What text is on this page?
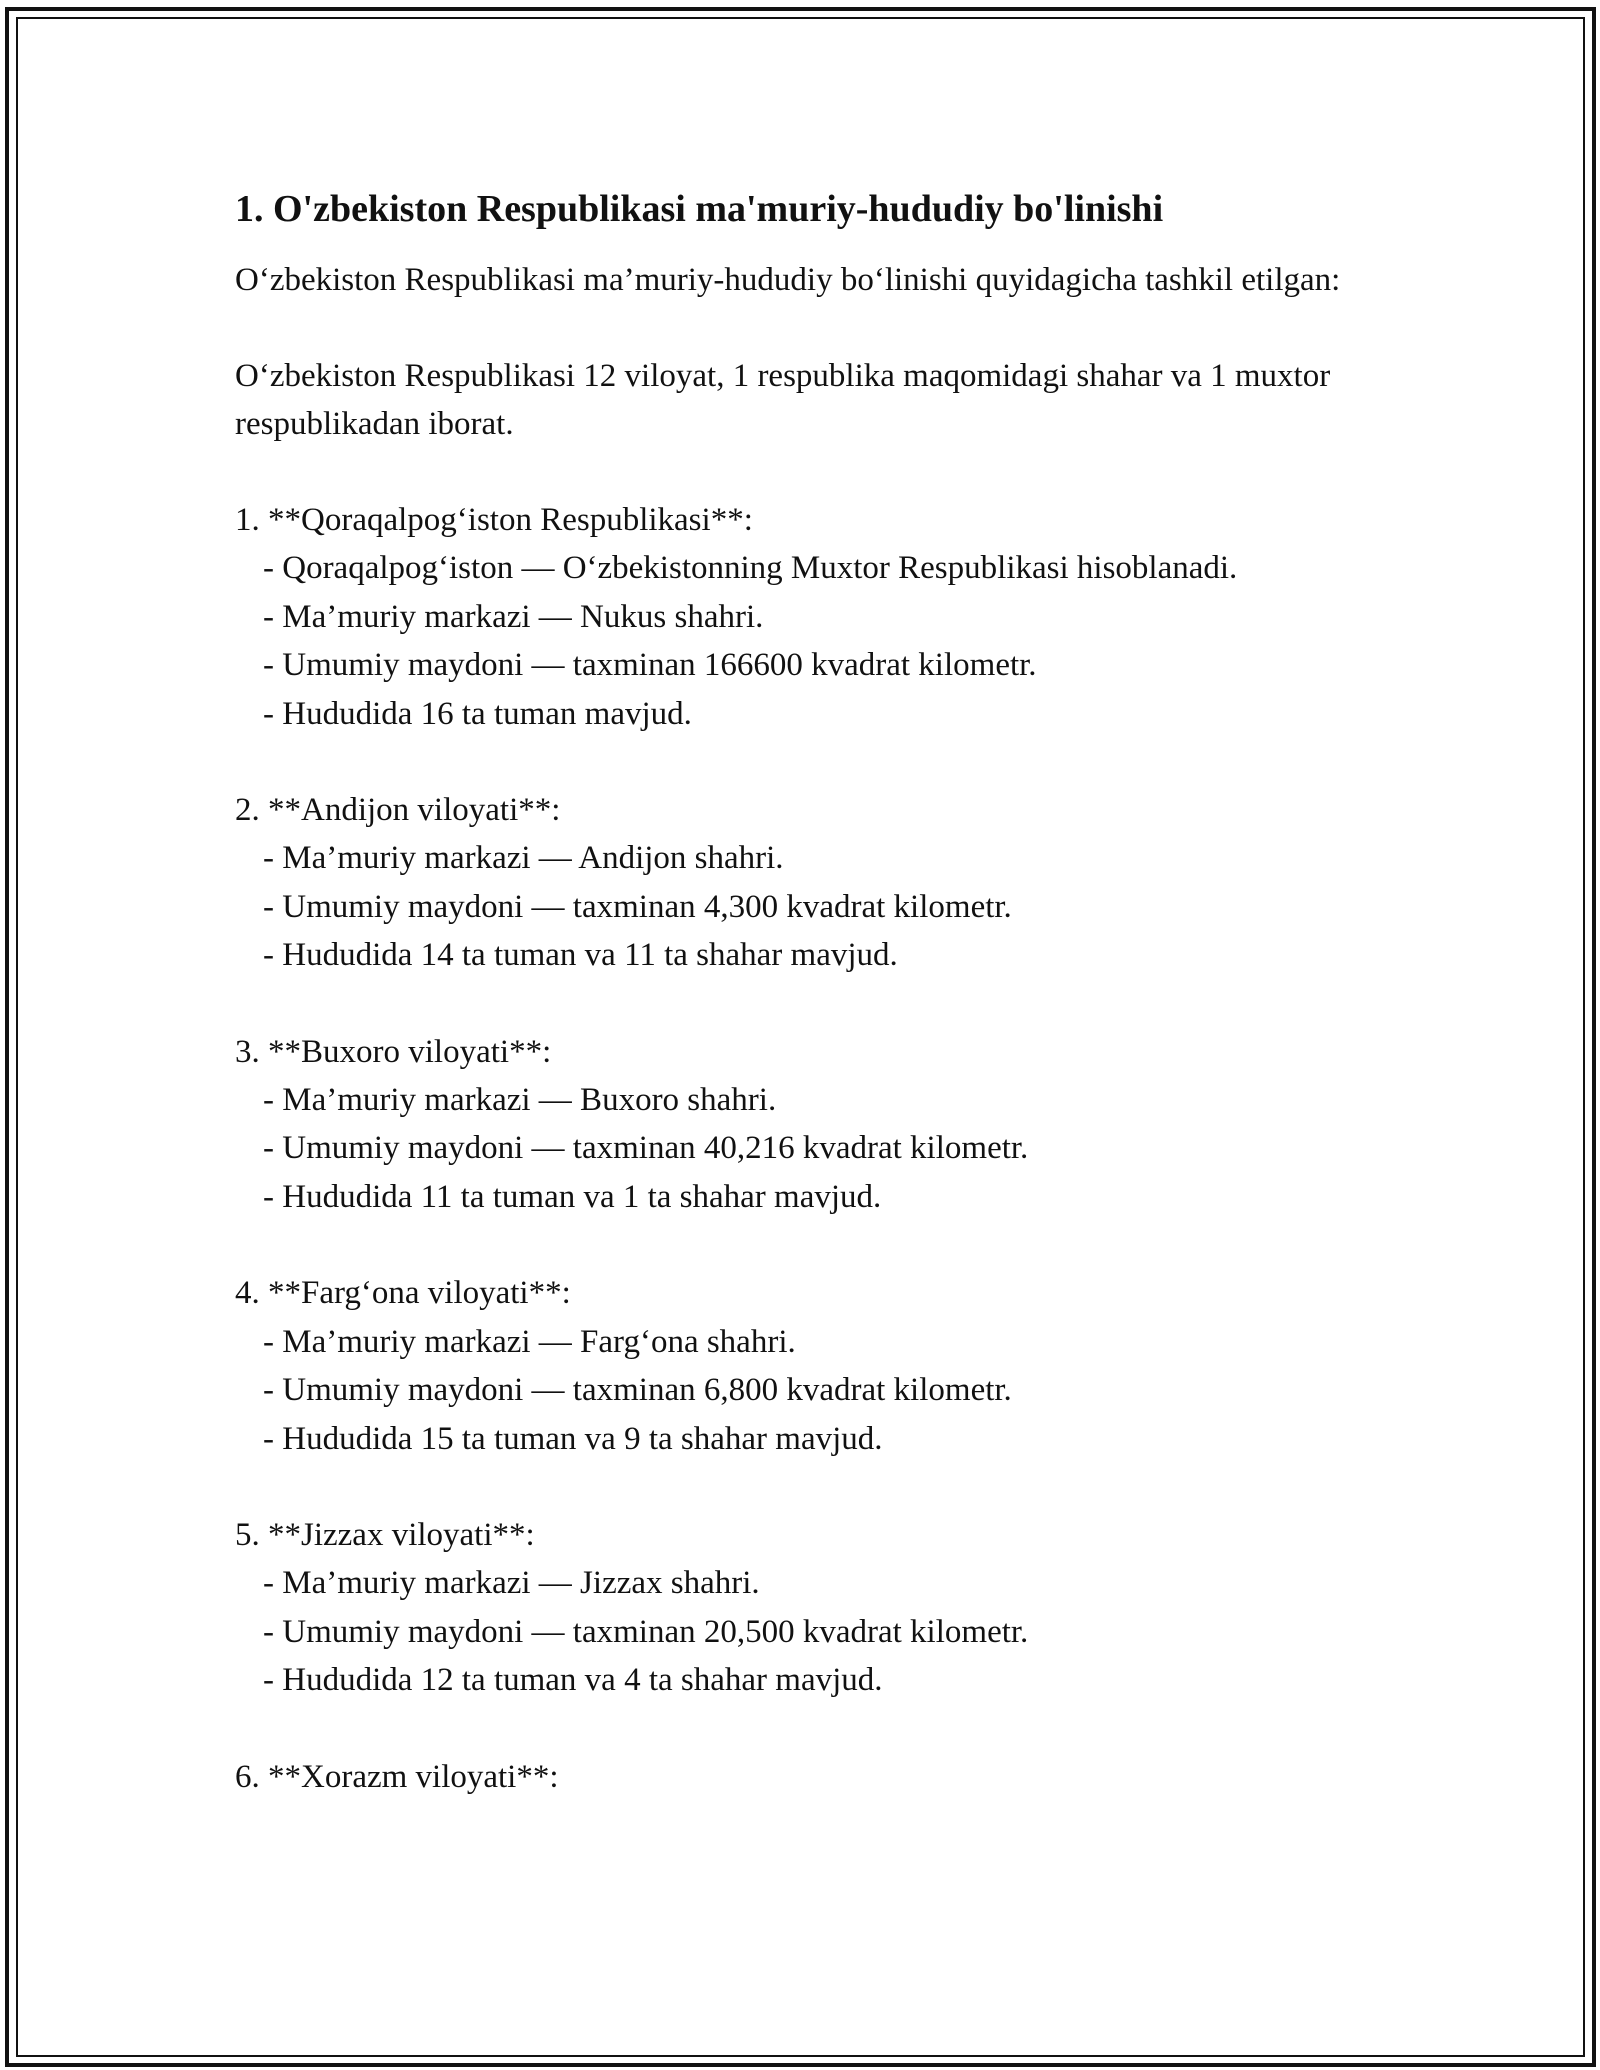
1. O'zbekiston Respublikasi ma'muriy-hududiy bo'linishi

O‘zbekiston Respublikasi ma’muriy-hududiy bo‘linishi quyidagicha tashkil etilgan:

O‘zbekiston Respublikasi 12 viloyat, 1 respublika maqomidagi shahar va 1 muxtor respublikadan iborat.

1. **Qoraqalpog‘iston Respublikasi**:

- Qoraqalpog‘iston — O‘zbekistonning Muxtor Respublikasi hisoblanadi.

- Ma’muriy markazi — Nukus shahri.

- Umumiy maydoni — taxminan 166600 kvadrat kilometr.

- Hududida 16 ta tuman mavjud.

2. **Andijon viloyati**:

- Ma’muriy markazi — Andijon shahri.

- Umumiy maydoni — taxminan 4,300 kvadrat kilometr.

- Hududida 14 ta tuman va 11 ta shahar mavjud.

3. **Buxoro viloyati**:

- Ma’muriy markazi — Buxoro shahri.

- Umumiy maydoni — taxminan 40,216 kvadrat kilometr.

- Hududida 11 ta tuman va 1 ta shahar mavjud.

4. **Farg‘ona viloyati**:

- Ma’muriy markazi — Farg‘ona shahri.

- Umumiy maydoni — taxminan 6,800 kvadrat kilometr.

- Hududida 15 ta tuman va 9 ta shahar mavjud.

5. **Jizzax viloyati**:

- Ma’muriy markazi — Jizzax shahri.

- Umumiy maydoni — taxminan 20,500 kvadrat kilometr.

- Hududida 12 ta tuman va 4 ta shahar mavjud.

6. **Xorazm viloyati**:
